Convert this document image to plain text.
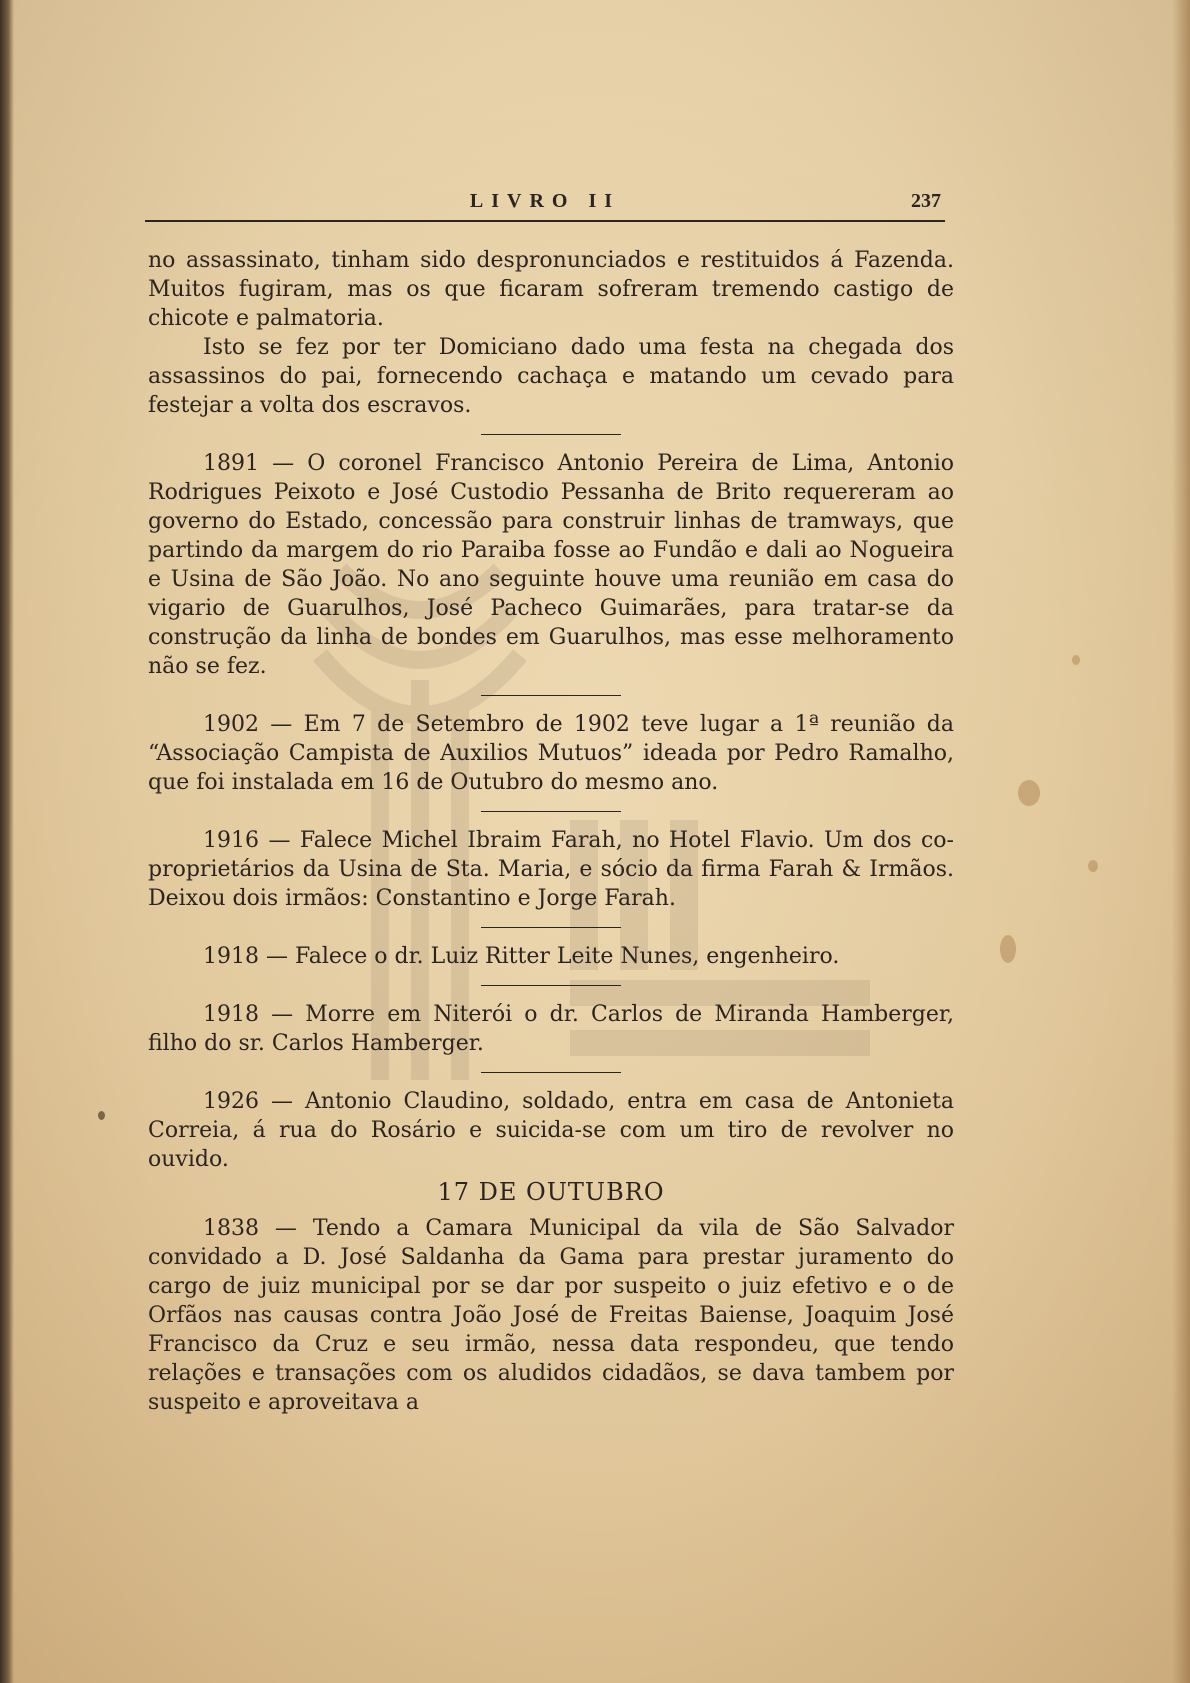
LIVRO II	237

no assassinato, tinham sido despronunciados e restituidos á Fazenda. Muitos fugiram, mas os que ficaram sofreram tremendo castigo de chicote e palmatoria.

Isto se fez por ter Domiciano dado uma festa na chegada dos assassinos do pai, fornecendo cachaça e matando um cevado para festejar a volta dos escravos.

1891 — O coronel Francisco Antonio Pereira de Lima, Antonio Rodrigues Peixoto e José Custodio Pessanha de Brito requereram ao governo do Estado, concessão para construir linhas de tramways, que partindo da margem do rio Paraiba fosse ao Fundão e dali ao Nogueira e Usina de São João. No ano seguinte houve uma reunião em casa do vigario de Guarulhos, José Pacheco Guimarães, para tratar-se da construção da linha de bondes em Guarulhos, mas esse melhoramento não se fez.

1902 — Em 7 de Setembro de 1902 teve lugar a 1ª reunião da “Associação Campista de Auxilios Mutuos” ideada por Pedro Ramalho, que foi instalada em 16 de Outubro do mesmo ano.

1916 — Falece Michel Ibraim Farah, no Hotel Flavio. Um dos co-proprietários da Usina de Sta. Maria, e sócio da firma Farah & Irmãos. Deixou dois irmãos: Constantino e Jorge Farah.

1918 — Falece o dr. Luiz Ritter Leite Nunes, engenheiro.

1918 — Morre em Niterói o dr. Carlos de Miranda Hamberger, filho do sr. Carlos Hamberger.

1926 — Antonio Claudino, soldado, entra em casa de Antonieta Correia, á rua do Rosário e suicida-se com um tiro de revolver no ouvido.

17 DE OUTUBRO

1838 — Tendo a Camara Municipal da vila de São Salvador convidado a D. José Saldanha da Gama para prestar juramento do cargo de juiz municipal por se dar por suspeito o juiz efetivo e o de Orfãos nas causas contra João José de Freitas Baiense, Joaquim José Francisco da Cruz e seu irmão, nessa data respondeu, que tendo relações e transações com os aludidos cidadãos, se dava tambem por suspeito e aproveitava a
